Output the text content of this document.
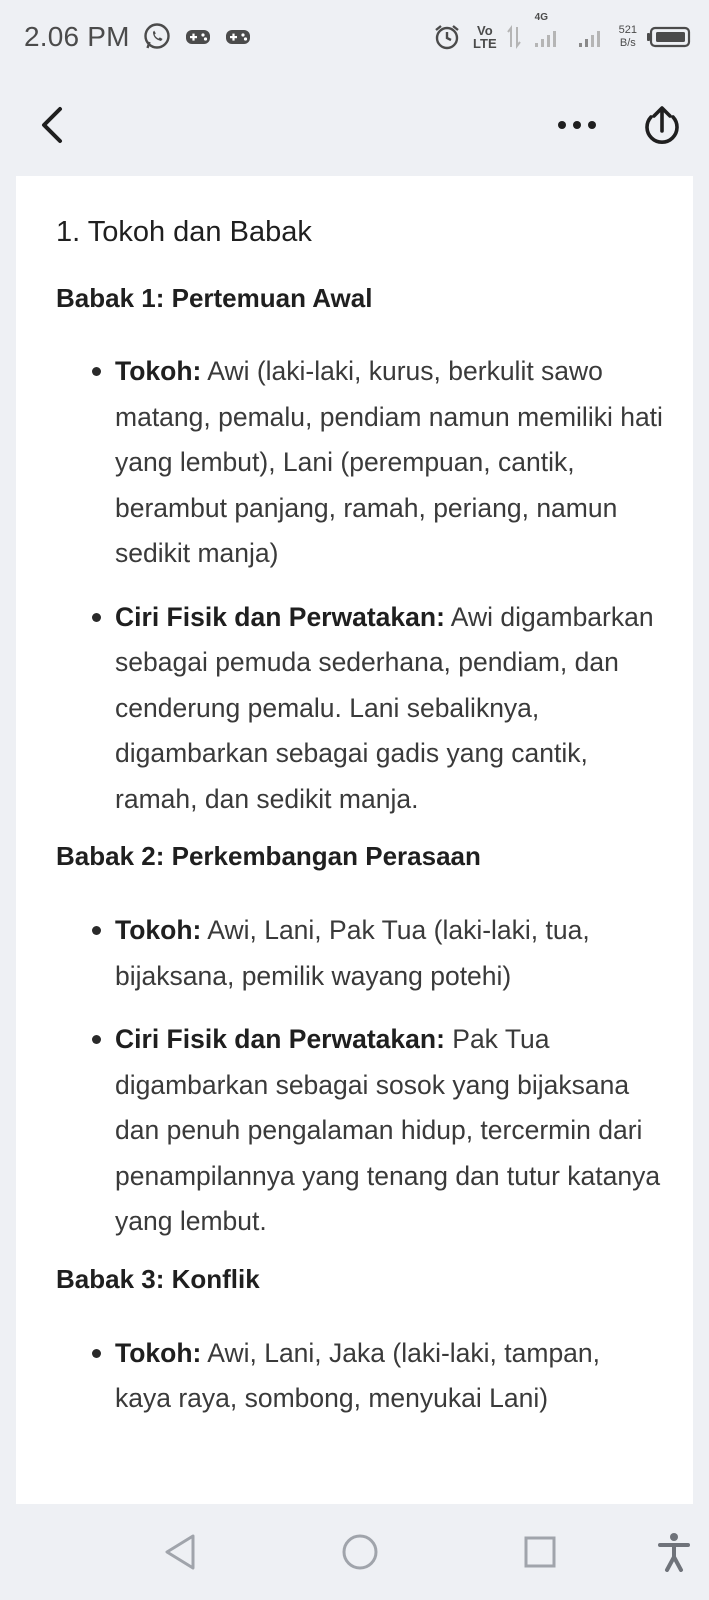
2.06 PM	Vo
LTE
4G
521
B/s
1. Tokoh dan Babak
Babak 1: Pertemuan Awal
Tokoh: Awi (laki-laki, kurus, berkulit sawo matang, pemalu, pendiam namun memiliki hati yang lembut), Lani (perempuan, cantik, berambut panjang, ramah, periang, namun sedikit manja)
Ciri Fisik dan Perwatakan: Awi digambarkan sebagai pemuda sederhana, pendiam, dan cenderung pemalu. Lani sebaliknya, digambarkan sebagai gadis yang cantik, ramah, dan sedikit manja.
Babak 2: Perkembangan Perasaan
Tokoh: Awi, Lani, Pak Tua (laki-laki, tua, bijaksana, pemilik wayang potehi)
Ciri Fisik dan Perwatakan: Pak Tua digambarkan sebagai sosok yang bijaksana dan penuh pengalaman hidup, tercermin dari penampilannya yang tenang dan tutur katanya yang lembut.
Babak 3: Konflik
Tokoh: Awi, Lani, Jaka (laki-laki, tampan, kaya raya, sombong, menyukai Lani)
